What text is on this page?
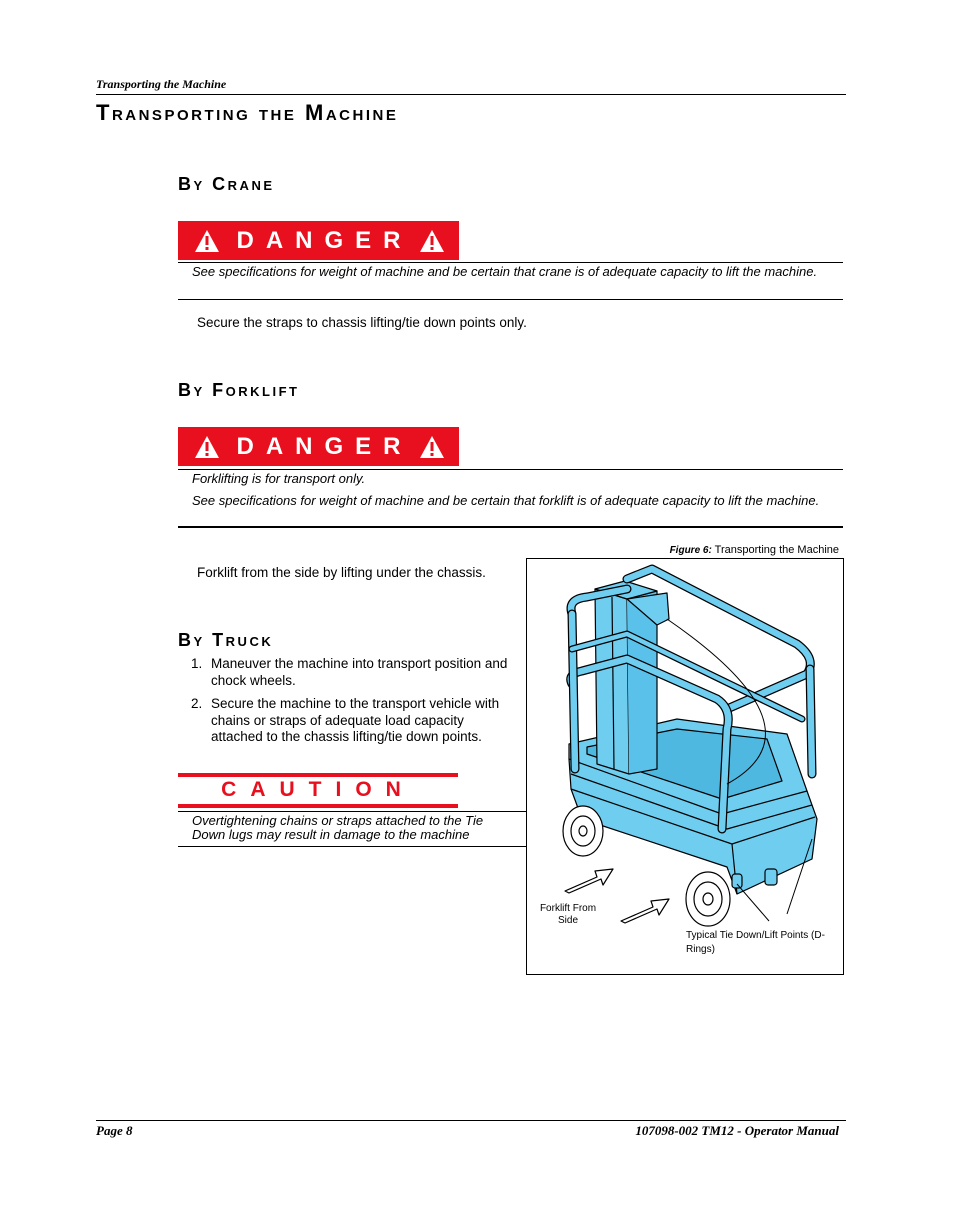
Transporting the Machine
Transporting the Machine
By Crane
DANGER
See specifications for weight of machine and be certain that crane is of adequate capacity to lift the machine.
Secure the straps to chassis lifting/tie down points only.
By Forklift
DANGER
Forklifting is for transport only.
See specifications for weight of machine and be certain that forklift is of adequate capacity to lift the machine.
Forklift from the side by lifting under the chassis.
By Truck
1. Maneuver the machine into transport position and chock wheels.
2. Secure the machine to the transport vehicle with chains or straps of adequate load capacity attached to the chassis lifting/tie down points.
CAUTION
Overtightening chains or straps attached to the Tie Down lugs may result in damage to the machine
Figure 6: Transporting the Machine
Forklift From Side
Typical Tie Down/Lift Points (D-Rings)
Page 8	107098-002 TM12 - Operator Manual
